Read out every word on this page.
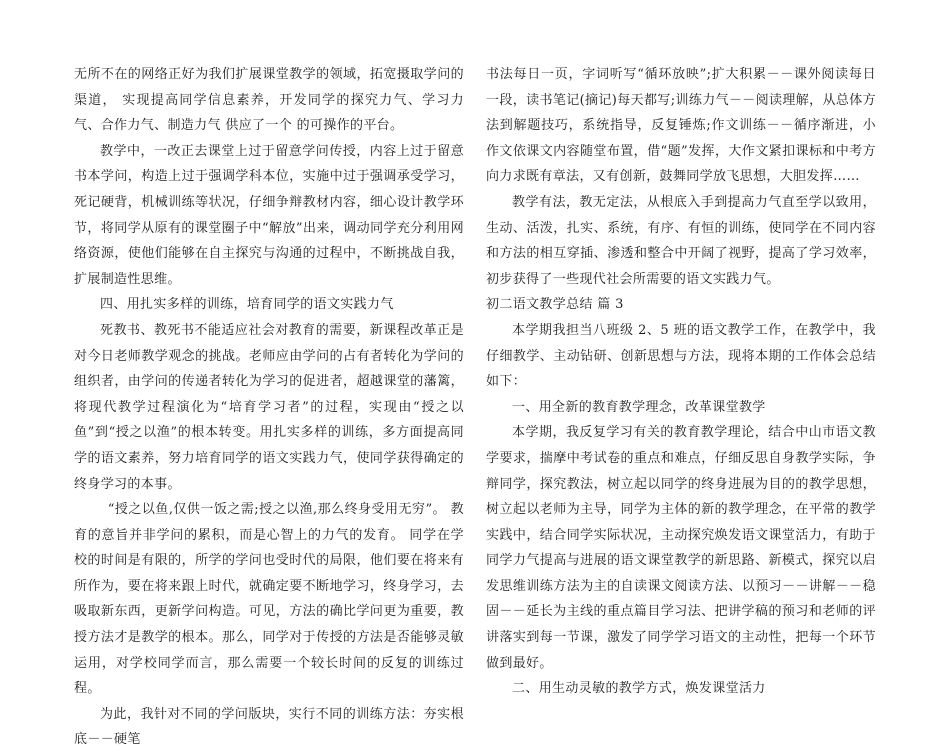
无所不在的网络正好为我们扩展课堂教学的领域，拓宽摄取学问的渠道， 实现提高同学信息素养，开发同学的探究力气、学习力气、合作力气、制造力气 供应了一个 的可操作的平台。

教学中，一改正去课堂上过于留意学问传授，内容上过于留意书本学问，构造上过于强调学科本位，实施中过于强调承受学习，死记硬背，机械训练等状况，仔细争辩教材内容，细心设计教学环节，将同学从原有的课堂圈子中“解放”出来，调动同学充分利用网络资源，使他们能够在自主探究与沟通的过程中，不断挑战自我，扩展制造性思维。

四、用扎实多样的训练，培育同学的语文实践力气

死教书、教死书不能适应社会对教育的需要，新课程改革正是对今日老师教学观念的挑战。老师应由学问的占有者转化为学问的组织者，由学问的传递者转化为学习的促进者，超越课堂的藩篱，将现代教学过程演化为“培育学习者”的过程，实现由“授之以鱼”到“授之以渔”的根本转变。用扎实多样的训练，多方面提高同学的语文素养，努力培育同学的语文实践力气，使同学获得确定的终身学习的本事。

“授之以鱼,仅供一饭之需;授之以渔,那么终身受用无穷”。 教育的意旨并非学问的累积，而是心智上的力气的发育。 同学在学校的时间是有限的，所学的学问也受时代的局限，他们要在将来有所作为，要在将来跟上时代，就确定要不断地学习，终身学习，去吸取新东西，更新学问构造。可见，方法的确比学问更为重要，教授方法才是教学的根本。那么，同学对于传授的方法是否能够灵敏运用，对学校同学而言，那么需要一个较长时间的反复的训练过程。

为此，我针对不同的学问版块，实行不同的训练方法：夯实根底－－硬笔

书法每日一页，字词听写“循环放映”;扩大积累－－课外阅读每日一段，读书笔记(摘记)每天都写;训练力气－－阅读理解，从总体方法到解题技巧，系统指导，反复锤炼;作文训练－－循序渐进，小作文依课文内容随堂布置，借“题”发挥，大作文紧扣课标和中考方向力求既有章法，又有创新，鼓舞同学放飞思想，大胆发挥……

教学有法，教无定法，从根底入手到提高力气直至学以致用，生动、活泼，扎实、系统，有序、有恒的训练，使同学在不同内容和方法的相互穿插、渗透和整合中开阔了视野，提高了学习效率，初步获得了一些现代社会所需要的语文实践力气。

初二语文教学总结 篇 3

本学期我担当八班级 2、5 班的语文教学工作，在教学中，我仔细教学、主动钻研、创新思想与方法，现将本期的工作体会总结如下：

一、用全新的教育教学理念，改革课堂教学

本学期，我反复学习有关的教育教学理论，结合中山市语文教学要求，揣摩中考试卷的重点和难点，仔细反思自身教学实际，争辩同学，探究教法，树立起以同学的终身进展为目的的教学思想，树立起以老师为主导，同学为主体的新的教学理念，在平常的教学实践中，结合同学实际状况，主动探究焕发语文课堂活力，有助于同学力气提高与进展的语文课堂教学的新思路、新模式，探究以启发思维训练方法为主的自读课文阅读方法、以预习－－讲解－－稳固－－延长为主线的重点篇目学习法、把讲学稿的预习和老师的评讲落实到每一节课，激发了同学学习语文的主动性，把每一个环节做到最好。

二、用生动灵敏的教学方式，焕发课堂活力
